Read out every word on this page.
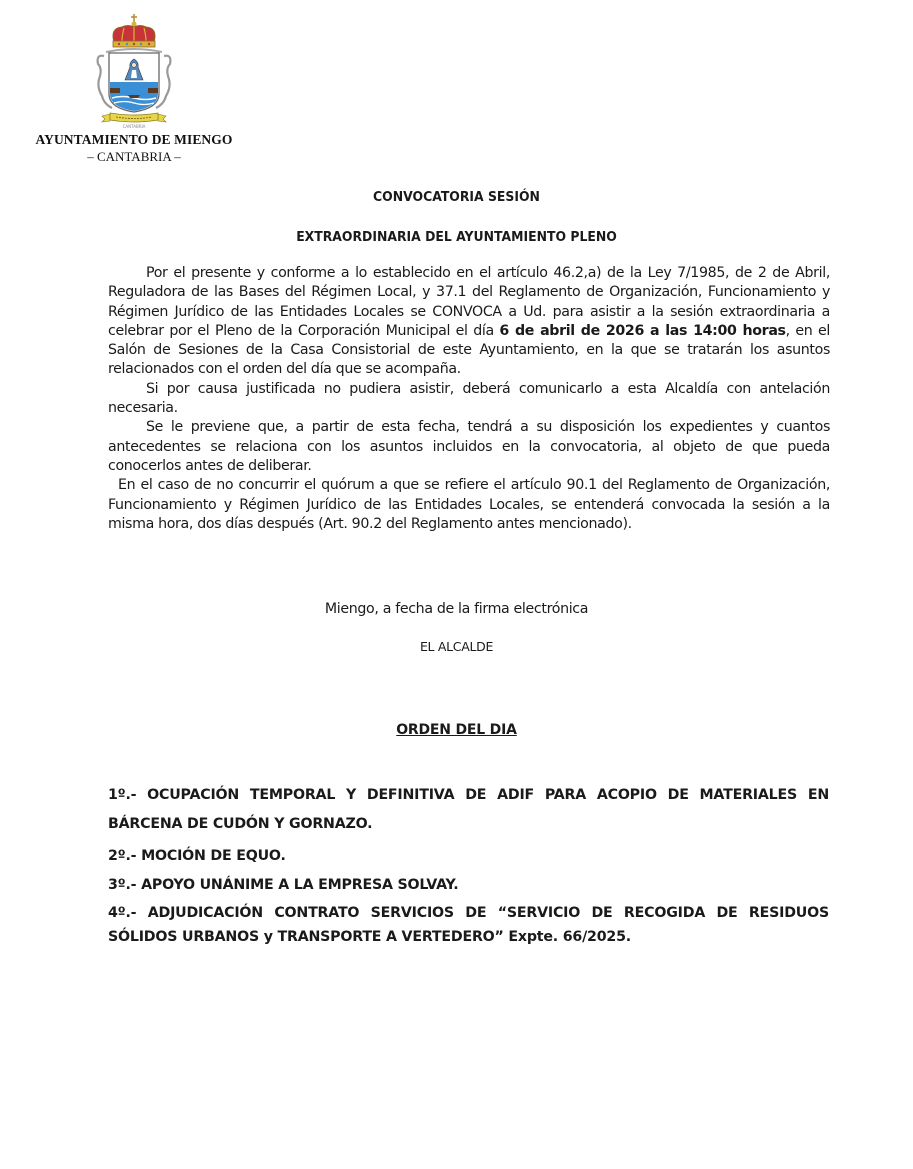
CANTABRIA
AYUNTAMIENTO DE MIENGO
– CANTABRIA –
CONVOCATORIA SESIÓN
EXTRAORDINARIA DEL AYUNTAMIENTO PLENO

Por el presente y conforme a lo establecido en el artículo 46.2,a) de la Ley 7/1985, de 2 de Abril, Reguladora de las Bases del Régimen Local, y 37.1 del Reglamento de Organización, Funcionamiento y Régimen Jurídico de las Entidades Locales se CONVOCA a Ud. para asistir a la sesión extraordinaria a celebrar por el Pleno de la Corporación Municipal el día 6 de abril de 2026 a las 14:00 horas, en el Salón de Sesiones de la Casa Consistorial de este Ayuntamiento, en la que se tratarán los asuntos relacionados con el orden del día que se acompaña.

Si por causa justificada no pudiera asistir, deberá comunicarlo a esta Alcaldía con antelación necesaria.

Se le previene que, a partir de esta fecha, tendrá a su disposición los expedientes y cuantos antecedentes se relaciona con los asuntos incluidos en la convocatoria, al objeto de que pueda conocerlos antes de deliberar.

En el caso de no concurrir el quórum a que se refiere el artículo 90.1 del Reglamento de Organización, Funcionamiento y Régimen Jurídico de las Entidades Locales, se entenderá convocada la sesión a la misma hora, dos días después (Art. 90.2 del Reglamento antes mencionado).

Miengo, a fecha de la firma electrónica
EL ALCALDE
ORDEN DEL DIA

1º.- OCUPACIÓN TEMPORAL Y DEFINITIVA DE ADIF PARA ACOPIO DE MATERIALES EN BÁRCENA DE CUDÓN Y GORNAZO.

2º.- MOCIÓN DE EQUO.

3º.- APOYO UNÁNIME A LA EMPRESA SOLVAY.

4º.- ADJUDICACIÓN CONTRATO SERVICIOS DE “SERVICIO DE RECOGIDA DE RESIDUOS SÓLIDOS URBANOS y TRANSPORTE A VERTEDERO” Expte. 66/2025.
